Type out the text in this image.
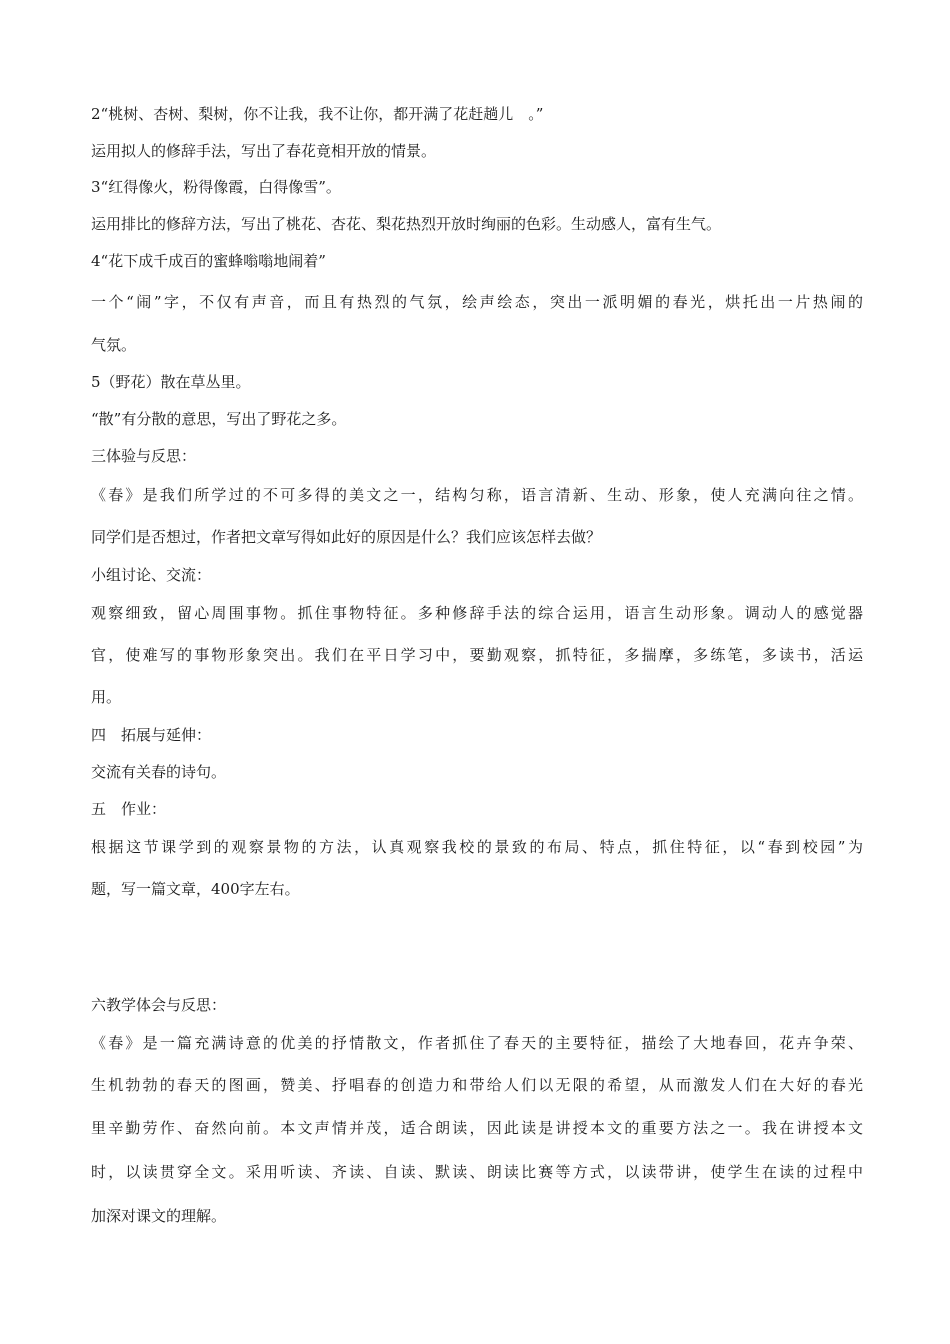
2“桃树、杏树、梨树，你不让我，我不让你，都开满了花赶趟儿　。”
运用拟人的修辞手法，写出了春花竟相开放的情景。
3“红得像火，粉得像霞，白得像雪”。
运用排比的修辞方法，写出了桃花、杏花、梨花热烈开放时绚丽的色彩。生动感人，富有生气。
4“花下成千成百的蜜蜂嗡嗡地闹着”
一个“闹”字，不仅有声音，而且有热烈的气氛，绘声绘态，突出一派明媚的春光，烘托出一片热闹的
气氛。
5（野花）散在草丛里。
“散”有分散的意思，写出了野花之多。
三体验与反思：
《春》是我们所学过的不可多得的美文之一，结构匀称，语言清新、生动、形象，使人充满向往之情。
同学们是否想过，作者把文章写得如此好的原因是什么？我们应该怎样去做？
小组讨论、交流：
观察细致，留心周围事物。抓住事物特征。多种修辞手法的综合运用，语言生动形象。调动人的感觉器
官，使难写的事物形象突出。我们在平日学习中，要勤观察，抓特征，多揣摩，多练笔，多读书，活运
用。
四　拓展与延伸：
交流有关春的诗句。
五　作业：
根据这节课学到的观察景物的方法，认真观察我校的景致的布局、特点，抓住特征，以“春到校园”为
题，写一篇文章，400字左右。
六教学体会与反思：
《春》是一篇充满诗意的优美的抒情散文，作者抓住了春天的主要特征，描绘了大地春回，花卉争荣、
生机勃勃的春天的图画，赞美、抒唱春的创造力和带给人们以无限的希望，从而激发人们在大好的春光
里辛勤劳作、奋然向前。本文声情并茂，适合朗读，因此读是讲授本文的重要方法之一。我在讲授本文
时，以读贯穿全文。采用听读、齐读、自读、默读、朗读比赛等方式，以读带讲，使学生在读的过程中
加深对课文的理解。
